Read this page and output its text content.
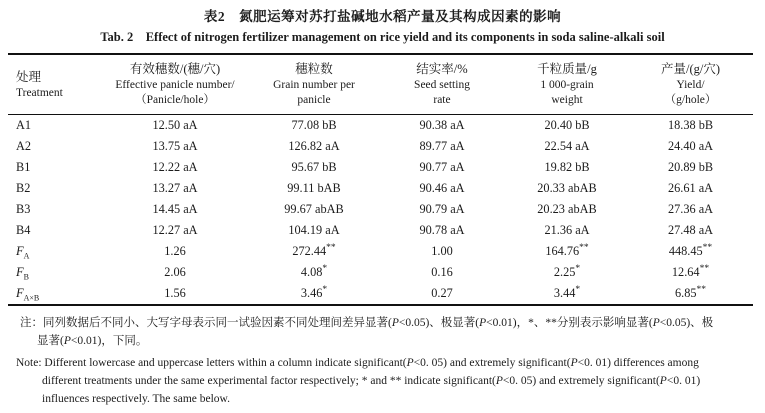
表2　氮肥运筹对苏打盐碱地水稻产量及其构成因素的影响
Tab. 2　Effect of nitrogen fertilizer management on rice yield and its components in soda saline-alkali soil
处理
Treatment

有效穗数/(穗/穴)
Effective panicle number/
（Panicle/hole）

穗粒数
Grain number per
panicle

结实率/%
Seed setting
rate

千粒质量/g
1 000-grain
weight

产量/(g/穴)
Yield/
（g/hole）

A1	12.50 aA	77.08 bB	90.38 aA	20.40 bB	18.38 bB
A2	13.75 aA	126.82 aA	89.77 aA	22.54 aA	24.40 aA
B1	12.22 aA	95.67 bB	90.77 aA	19.82 bB	20.89 bB
B2	13.27 aA	99.11 bAB	90.46 aA	20.33 abAB	26.61 aA
B3	14.45 aA	99.67 abAB	90.79 aA	20.23 abAB	27.36 aA
B4	12.27 aA	104.19 aA	90.78 aA	21.36 aA	27.48 aA
$F_A$	1.26	272.44**	1.00	164.76**	448.45**
$F_B$	2.06	4.08*	0.16	2.25*	12.64**
$F_{A\times B}$	1.56	3.46*	0.27	3.44*	6.85**
注：同列数据后不同小、大写字母表示同一试验因素不同处理间差异显著(P<0.05)、极显著(P<0.01)，*、**分别表示影响显著(P<0.05)、极
显著(P<0.01)，下同。
Note: Different lowercase and uppercase letters within a column indicate significant(P<0. 05) and extremely significant(P<0. 01) differences among
different treatments under the same experimental factor respectively; * and ** indicate significant(P<0. 05) and extremely significant(P<0. 01)
influences respectively. The same below.
